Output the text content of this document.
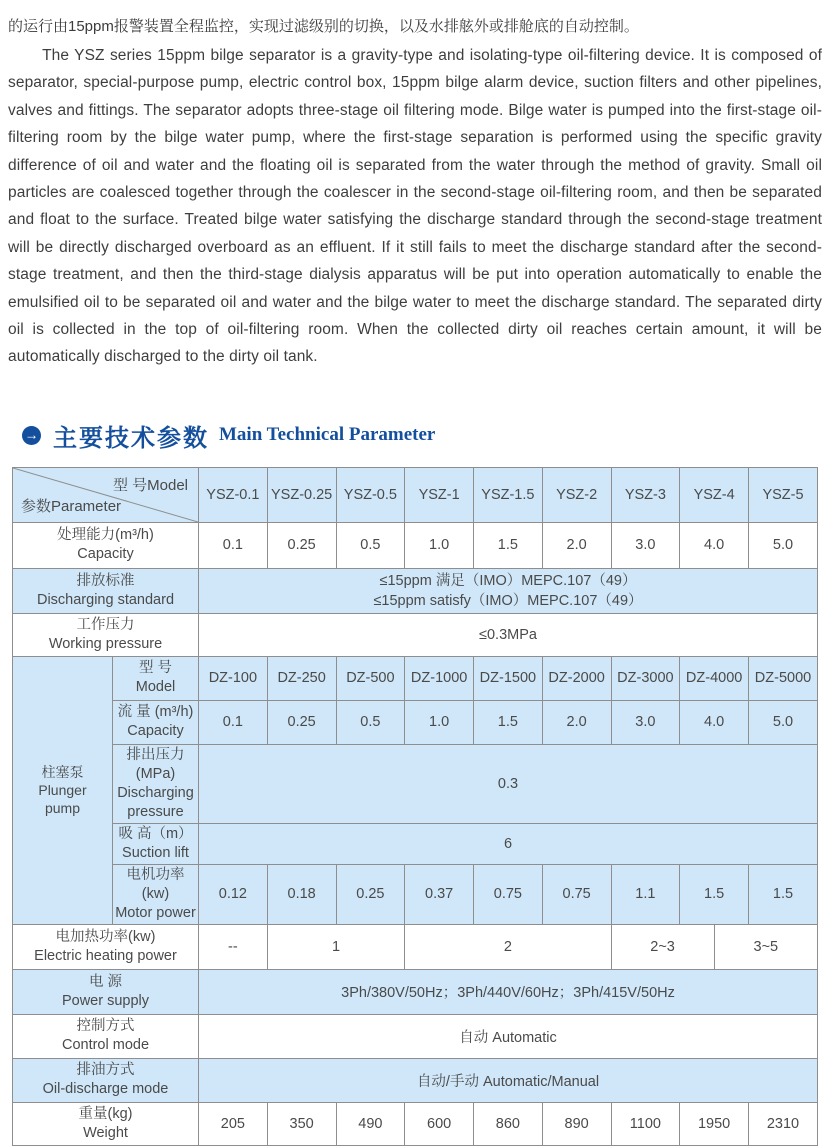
的运行由15ppm报警装置全程监控，实现过滤级别的切换，以及水排舷外或排舱底的自动控制。

The YSZ series 15ppm bilge separator is a gravity-type and isolating-type oil-filtering device. It is composed of separator, special-purpose pump, electric control box, 15ppm bilge alarm device, suction filters and other pipelines, valves and fittings. The separator adopts three-stage oil filtering mode. Bilge water is pumped into the first-stage oil-filtering room by the bilge water pump, where the first-stage separation is performed using the specific gravity difference of oil and water and the floating oil is separated from the water through the method of gravity. Small oil particles are coalesced together through the coalescer in the second-stage oil-filtering room, and then be separated and float to the surface. Treated bilge water satisfying the discharge standard through the second-stage treatment will be directly discharged overboard as an effluent. If it still fails to meet the discharge standard after the second-stage treatment, and then the third-stage dialysis apparatus will be put into operation automatically to enable the emulsified oil to be separated oil and water and the bilge water to meet the discharge standard. The separated dirty oil is collected in the top of oil-filtering room. When the collected dirty oil reaches certain amount, it will be automatically discharged to the dirty oil tank.

→ 主要技术参数 Main Technical Parameter
型 号Model
参数Parameter		YSZ-0.1	YSZ-0.25	YSZ-0.5	YSZ-1	YSZ-1.5	YSZ-2	YSZ-3	YSZ-4		YSZ-5

处理能力(m³/h)
Capacity		0.1	0.25	0.5	1.0	1.5	2.0	3.0	4.0		5.0

排放标准
Discharging standard		≤15ppm 满足（IMO）MEPC.107（49）
≤15ppm satisfy（IMO）MEPC.107（49）									

工作压力
Working pressure		≤0.3MPa									

柱塞泵
Plunger
pump	型 号
Model	DZ-100	DZ-250	DZ-500	DZ-1000	DZ-1500	DZ-2000	DZ-3000	DZ-4000		DZ-5000

	流 量 (m³/h)
Capacity	0.1	0.25	0.5	1.0	1.5	2.0	3.0	4.0		5.0

	排出压力 (MPa)
Discharging pressure	0.3									

	吸 高（m）
Suction lift	6									

	电机功率 (kw)
Motor power	0.12	0.18	0.25	0.37	0.75	0.75	1.1	1.5		1.5

电加热功率(kw)
Electric heating power		--	1		2			2~3		3~5	

电 源
Power supply		3Ph/380V/50Hz；3Ph/440V/60Hz；3Ph/415V/50Hz									

控制方式
Control mode		自动 Automatic									

排油方式
Oil-discharge mode		自动/手动 Automatic/Manual									

重量(kg)
Weight		205	350	490	600	860	890	1100	1950		2310
